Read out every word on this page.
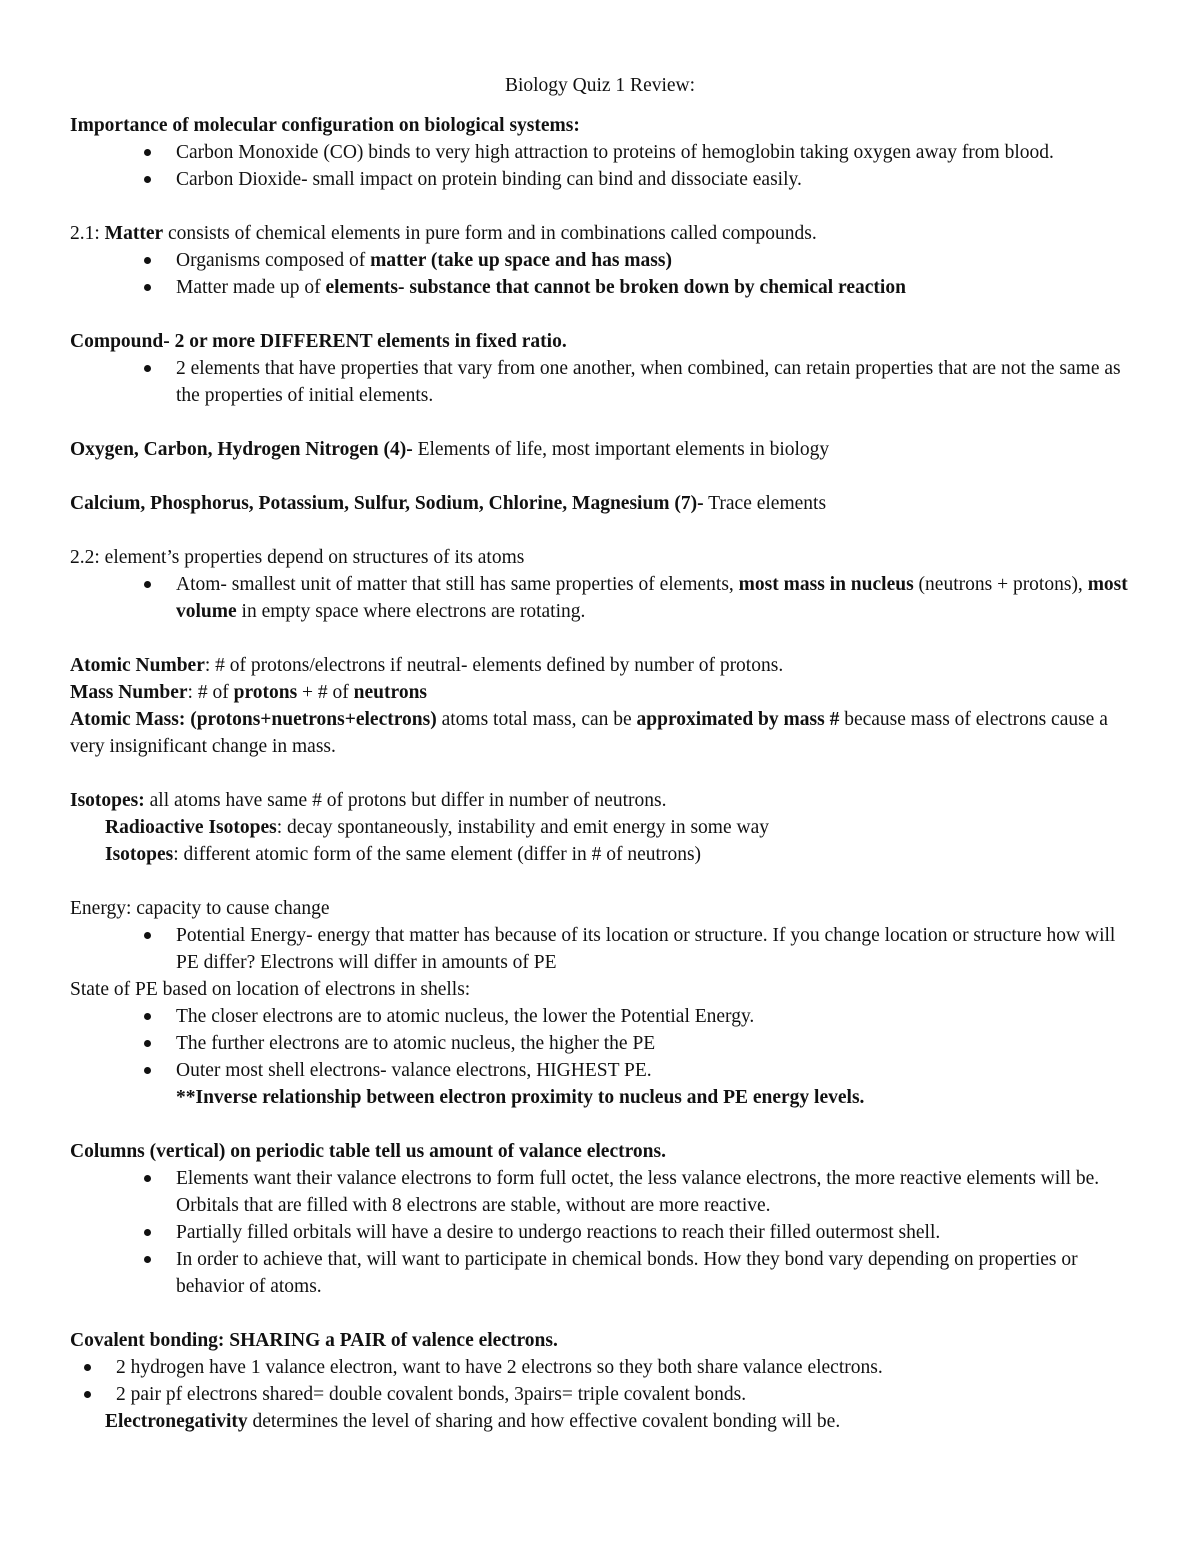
Biology Quiz 1 Review:
Importance of molecular configuration on biological systems:
Carbon Monoxide (CO) binds to very high attraction to proteins of hemoglobin taking oxygen away from blood.
Carbon Dioxide- small impact on protein binding can bind and dissociate easily.
2.1: Matter consists of chemical elements in pure form and in combinations called compounds.
Organisms composed of matter (take up space and has mass)
Matter made up of elements- substance that cannot be broken down by chemical reaction
Compound- 2 or more DIFFERENT elements in fixed ratio.
2 elements that have properties that vary from one another, when combined, can retain properties that are not the same as the properties of initial elements.
Oxygen, Carbon, Hydrogen Nitrogen (4)- Elements of life, most important elements in biology
Calcium, Phosphorus, Potassium, Sulfur, Sodium, Chlorine, Magnesium (7)- Trace elements
2.2: element’s properties depend on structures of its atoms
Atom- smallest unit of matter that still has same properties of elements, most mass in nucleus (neutrons + protons), most volume in empty space where electrons are rotating.
Atomic Number: # of protons/electrons if neutral- elements defined by number of protons.
Mass Number: # of protons + # of neutrons
Atomic Mass: (protons+nuetrons+electrons) atoms total mass, can be approximated by mass # because mass of electrons cause a very insignificant change in mass.
Isotopes: all atoms have same # of protons but differ in number of neutrons.
Radioactive Isotopes: decay spontaneously, instability and emit energy in some way
Isotopes: different atomic form of the same element (differ in # of neutrons)
Energy: capacity to cause change
Potential Energy- energy that matter has because of its location or structure. If you change location or structure how will PE differ? Electrons will differ in amounts of PE
State of PE based on location of electrons in shells:
The closer electrons are to atomic nucleus, the lower the Potential Energy.
The further electrons are to atomic nucleus, the higher the PE
Outer most shell electrons- valance electrons, HIGHEST PE.
**Inverse relationship between electron proximity to nucleus and PE energy levels.
Columns (vertical) on periodic table tell us amount of valance electrons.
Elements want their valance electrons to form full octet, the less valance electrons, the more reactive elements will be. Orbitals that are filled with 8 electrons are stable, without are more reactive.
Partially filled orbitals will have a desire to undergo reactions to reach their filled outermost shell.
In order to achieve that, will want to participate in chemical bonds. How they bond vary depending on properties or behavior of atoms.
Covalent bonding: SHARING a PAIR of valence electrons.
2 hydrogen have 1 valance electron, want to have 2 electrons so they both share valance electrons.
2 pair pf electrons shared= double covalent bonds, 3pairs= triple covalent bonds.
Electronegativity determines the level of sharing and how effective covalent bonding will be.
